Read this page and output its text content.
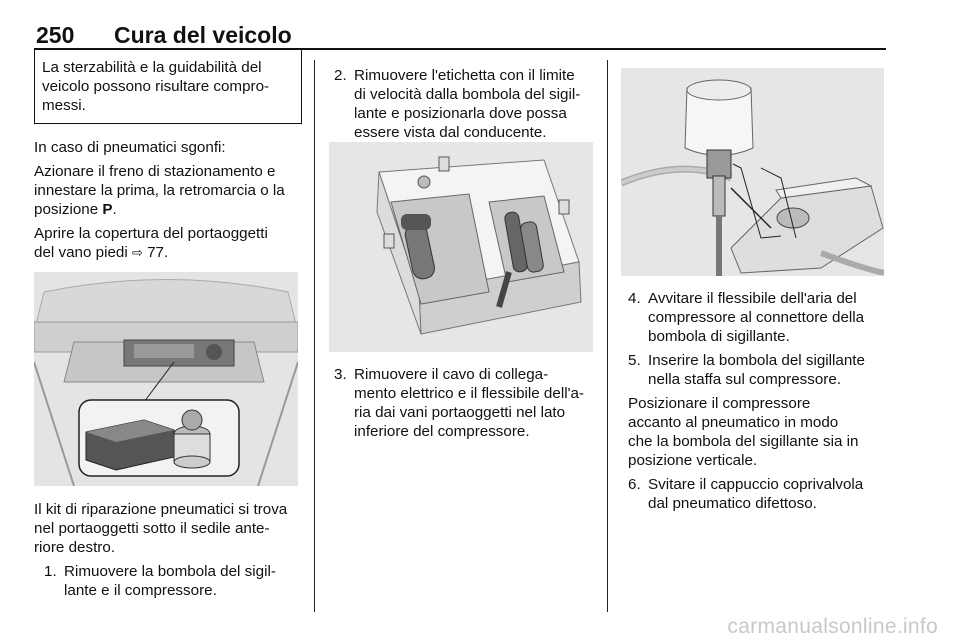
250 Cura del veicolo
La sterzabilità e la guidabilità del
veicolo possono risultare compro-
messi.

In caso di pneumatici sgonfi:

Azionare il freno di stazionamento e
innestare la prima, la retromarcia o la
posizione P.

Aprire la copertura del portaoggetti
del vano piedi ⇨ 77.

Il kit di riparazione pneumatici si trova
nel portaoggetti sotto il sedile ante-
riore destro.

1. Rimuovere la bombola del sigil-
lante e il compressore.
2. Rimuovere l'etichetta con il limite
di velocità dalla bombola del sigil-
lante e posizionarla dove possa
essere vista dal conducente.
3. Rimuovere il cavo di collega-
mento elettrico e il flessibile dell'a-
ria dai vani portaoggetti nel lato
inferiore del compressore.
4. Avvitare il flessibile dell'aria del
compressore al connettore della
bombola di sigillante.
5. Inserire la bombola del sigillante
nella staffa sul compressore.

Posizionare il compressore
accanto al pneumatico in modo
che la bombola del sigillante sia in
posizione verticale.

6. Svitare il cappuccio coprivalvola
dal pneumatico difettoso.
carmanualsonline.info
